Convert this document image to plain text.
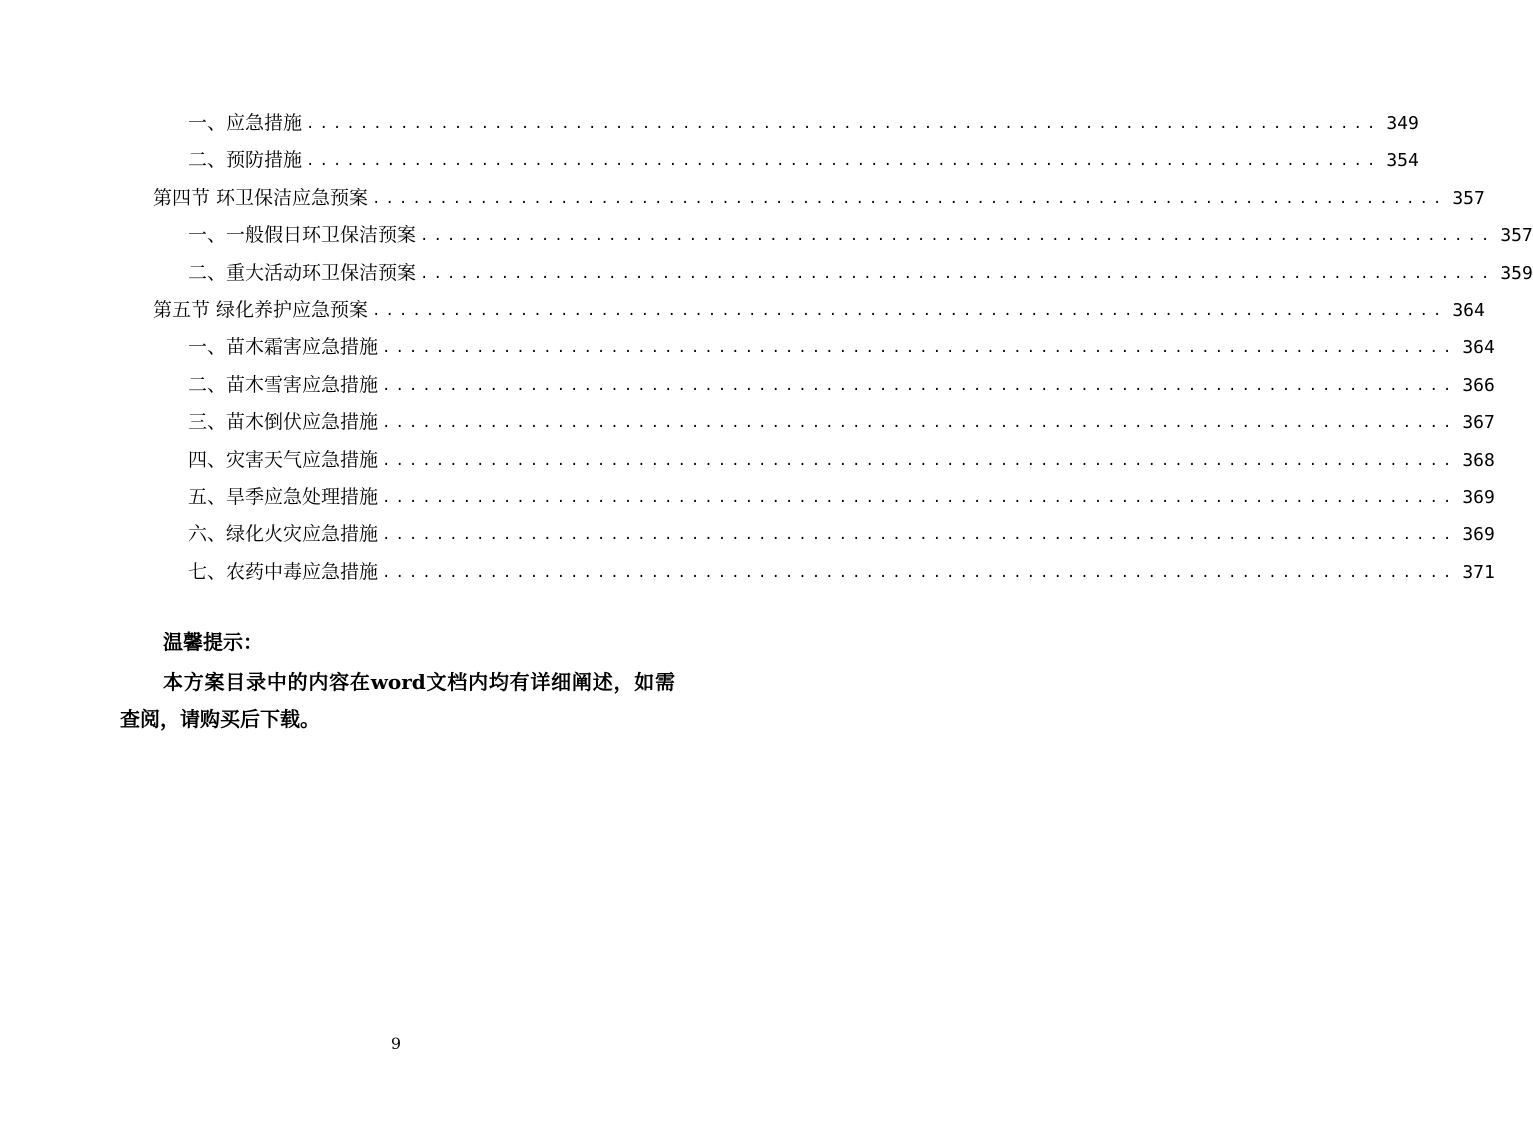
一、应急措施 ................................................................................ 349
二、预防措施 ................................................................................ 354
第四节 环卫保洁应急预案 ................................................................................ 357
一、一般假日环卫保洁预案 ................................................................................ 357
二、重大活动环卫保洁预案 ................................................................................ 359
第五节 绿化养护应急预案 ................................................................................ 364
一、苗木霜害应急措施 ................................................................................ 364
二、苗木雪害应急措施 ................................................................................ 366
三、苗木倒伏应急措施 ................................................................................ 367
四、灾害天气应急措施 ................................................................................ 368
五、旱季应急处理措施 ................................................................................ 369
六、绿化火灾应急措施 ................................................................................ 369
七、农药中毒应急措施 ................................................................................ 371
温馨提示：
本方案目录中的内容在word文档内均有详细阐述，如需查阅，请购买后下载。
9
